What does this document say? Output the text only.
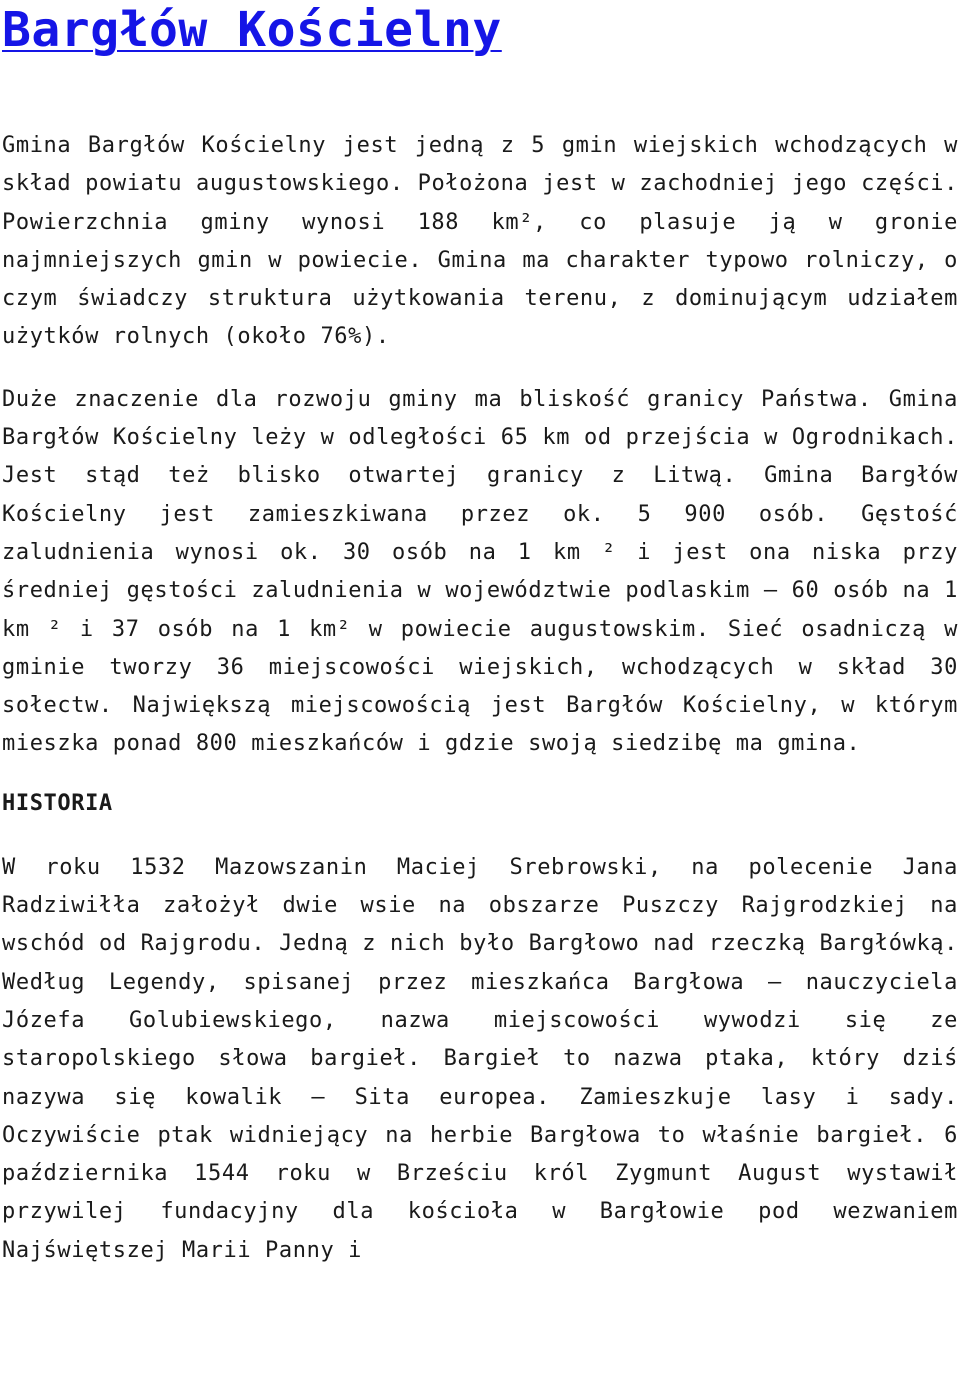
Bargłów Kościelny

Gmina Bargłów Kościelny jest jedną z 5 gmin wiejskich wchodzących w skład powiatu augustowskiego. Położona jest w zachodniej jego części. Powierzchnia gminy wynosi 188 km², co plasuje ją w gronie najmniejszych gmin w powiecie. Gmina ma charakter typowo rolniczy, o czym świadczy struktura użytkowania terenu, z dominującym udziałem użytków rolnych (około 76%).

Duże znaczenie dla rozwoju gminy ma bliskość granicy Państwa. Gmina Bargłów Kościelny leży w odległości 65 km od przejścia w Ogrodnikach. Jest stąd też blisko otwartej granicy z Litwą. Gmina Bargłów Kościelny jest zamieszkiwana przez ok. 5 900 osób. Gęstość zaludnienia wynosi ok. 30 osób na 1 km ² i jest ona niska przy średniej gęstości zaludnienia w województwie podlaskim – 60 osób na 1 km ² i 37 osób na 1 km² w powiecie augustowskim. Sieć osadniczą w gminie tworzy 36 miejscowości wiejskich, wchodzących w skład 30 sołectw. Największą miejscowością jest Bargłów Kościelny, w którym mieszka ponad 800 mieszkańców i gdzie swoją siedzibę ma gmina.

HISTORIA

W roku 1532 Mazowszanin Maciej Srebrowski, na polecenie Jana Radziwiłła założył dwie wsie na obszarze Puszczy Rajgrodzkiej na wschód od Rajgrodu. Jedną z nich było Bargłowo nad rzeczką Bargłówką. Według Legendy, spisanej przez mieszkańca Bargłowa – nauczyciela Józefa Golubiewskiego, nazwa miejscowości wywodzi się ze staropolskiego słowa bargieł. Bargieł to nazwa ptaka, który dziś nazywa się kowalik – Sita europea. Zamieszkuje lasy i sady. Oczywiście ptak widniejący na herbie Bargłowa to właśnie bargieł. 6 października 1544 roku w Brześciu król Zygmunt August wystawił przywilej fundacyjny dla kościoła w Bargłowie pod wezwaniem Najświętszej Marii Panny i
